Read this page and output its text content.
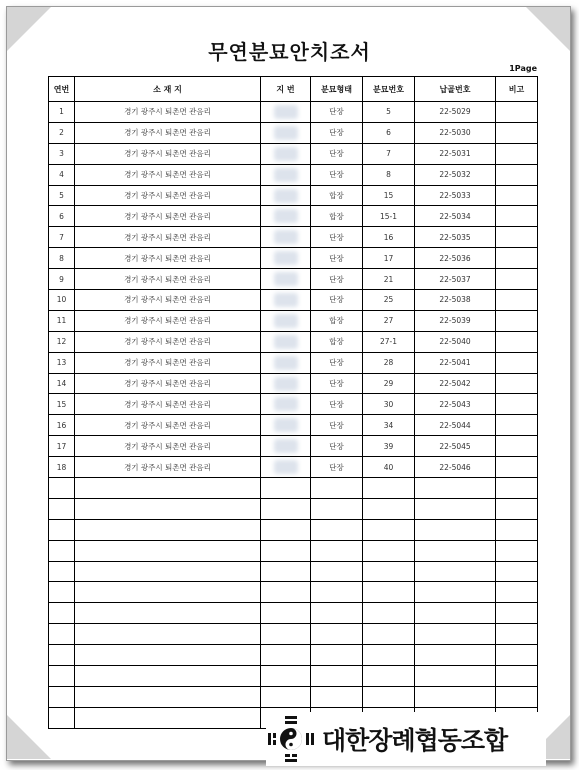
무연분묘안치조서
1Page
연번	소 재 지	지 번	분묘형태	분묘번호	납골번호	비고
1	경기 광주시 퇴촌면 관음리		단장	5	22-5029	
2	경기 광주시 퇴촌면 관음리		단장	6	22-5030	
3	경기 광주시 퇴촌면 관음리		단장	7	22-5031	
4	경기 광주시 퇴촌면 관음리		단장	8	22-5032	
5	경기 광주시 퇴촌면 관음리		합장	15	22-5033	
6	경기 광주시 퇴촌면 관음리		합장	15-1	22-5034	
7	경기 광주시 퇴촌면 관음리		단장	16	22-5035	
8	경기 광주시 퇴촌면 관음리		단장	17	22-5036	
9	경기 광주시 퇴촌면 관음리		단장	21	22-5037	
10	경기 광주시 퇴촌면 관음리		단장	25	22-5038	
11	경기 광주시 퇴촌면 관음리		합장	27	22-5039	
12	경기 광주시 퇴촌면 관음리		합장	27-1	22-5040	
13	경기 광주시 퇴촌면 관음리		단장	28	22-5041	
14	경기 광주시 퇴촌면 관음리		단장	29	22-5042	
15	경기 광주시 퇴촌면 관음리		단장	30	22-5043	
16	경기 광주시 퇴촌면 관음리		단장	34	22-5044	
17	경기 광주시 퇴촌면 관음리		단장	39	22-5045	
18	경기 광주시 퇴촌면 관음리		단장	40	22-5046	

대한장례협동조합
